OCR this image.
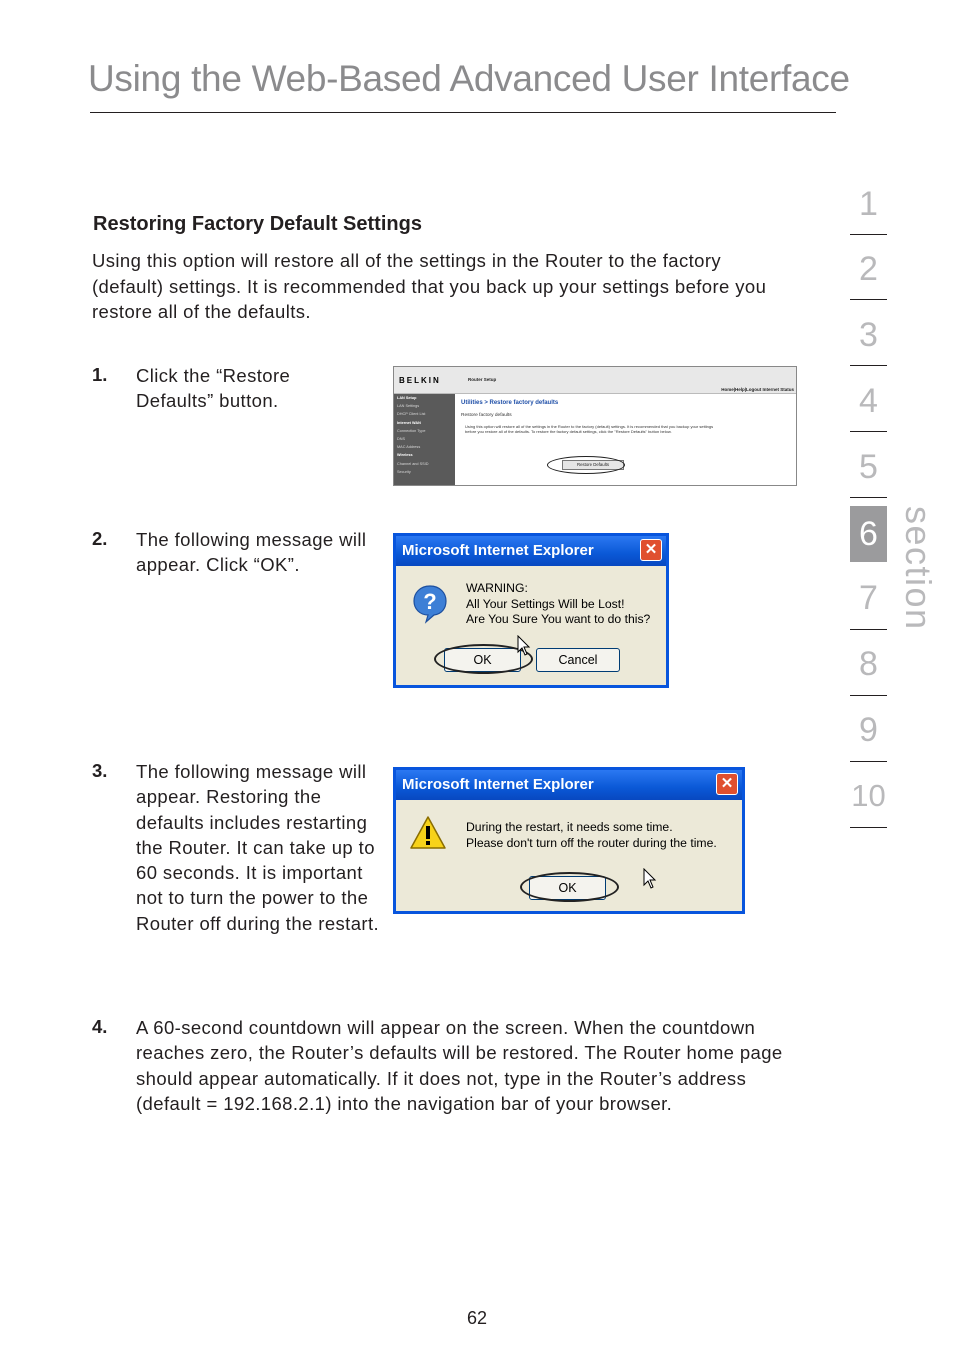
Using the Web-Based Advanced User Interface
Restoring Factory Default Settings

Using this option will restore all of the settings in the Router to the factory (default) settings. It is recommended that you back up your settings before you restore all of the defaults.

1. Click the “Restore Defaults” button.

BELKIN	Router Setup
Home|Help|Logout Internet Status
LAN Setup
LAN Settings
DHCP Client List
Internet WAN
Connection Type
DNS
MAC Address
Wireless
Channel and SSID
Security
Utilities > Restore factory defaults
Restore factory defaults
Using this option will restore all of the settings in the Router to the factory (default) settings. It is recommended that you backup your settings before you restore all of the defaults. To restore the factory default settings, click the "Restore Defaults" button below.
Restore Defaults
2. The following message will appear. Click “OK”.

Microsoft Internet Explorer	✕
?
WARNING:
All Your Settings Will be Lost!
Are You Sure You want to do this?
OK	Cancel
3. The following message will appear. Restoring the defaults includes restarting the Router. It can take up to 60 seconds. It is important not to turn the power to the Router off during the restart.

Microsoft Internet Explorer	✕
During the restart, it needs some time.
Please don't turn off the router during the time.
OK
4. A 60-second countdown will appear on the screen. When the countdown reaches zero, the Router’s defaults will be restored. The Router home page should appear automatically. If it does not, type in the Router’s address (default = 192.168.2.1) into the navigation bar of your browser.

1
2
3
4
5
6
7
8
9
10
section
62
